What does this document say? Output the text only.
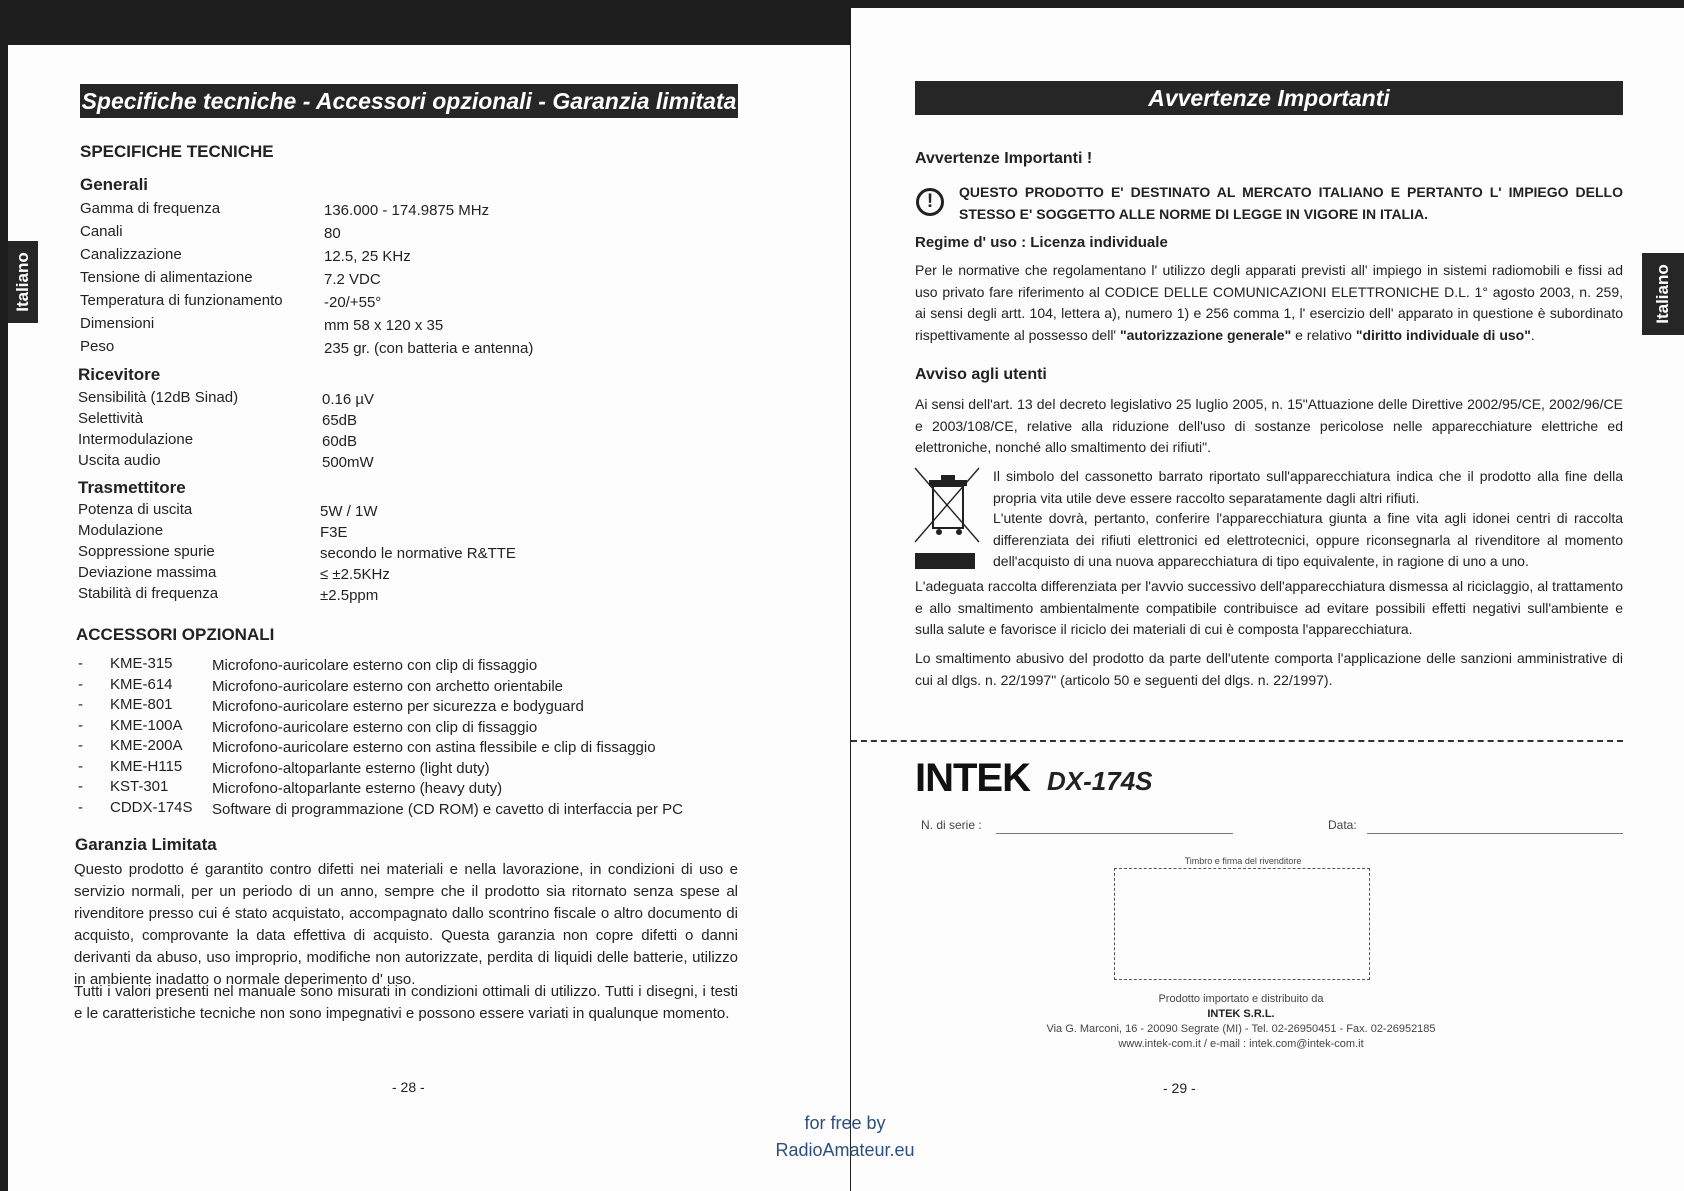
Specifiche tecniche - Accessori opzionali - Garanzia limitata
Italiano
SPECIFICHE TECNICHE
Generali
Gamma di frequenza	136.000 - 174.9875 MHz
Canali	80
Canalizzazione	12.5, 25 KHz
Tensione di alimentazione	7.2 VDC
Temperatura di funzionamento	-20/+55°
Dimensioni	mm 58 x 120 x 35
Peso	235 gr. (con batteria e antenna)
Ricevitore
Sensibilità (12dB Sinad)	0.16 µV
Selettività	65dB
Intermodulazione	60dB
Uscita audio	500mW
Trasmettitore
Potenza di uscita	5W / 1W
Modulazione	F3E
Soppressione spurie	secondo le normative R&TTE
Deviazione massima	≤ ±2.5KHz
Stabilità di frequenza	±2.5ppm
ACCESSORI OPZIONALI
- KME-315	Microfono-auricolare esterno con clip di fissaggio
- KME-614	Microfono-auricolare esterno con archetto orientabile
- KME-801	Microfono-auricolare esterno per sicurezza e bodyguard
- KME-100A Microfono-auricolare esterno con clip di fissaggio
- KME-200A Microfono-auricolare esterno con astina flessibile e clip di fissaggio
- KME-H115 Microfono-altoparlante esterno (light duty)
- KST-301	Microfono-altoparlante esterno (heavy duty)
- CDDX-174S Software di programmazione (CD ROM) e cavetto di interfaccia per PC
Garanzia Limitata
Questo prodotto é garantito contro difetti nei materiali e nella lavorazione, in condizioni di uso e servizio normali, per un periodo di un anno, sempre che il prodotto sia ritornato senza spese al rivenditore presso cui é stato acquistato, accompagnato dallo scontrino fiscale o altro documento di acquisto, comprovante la data effettiva di acquisto. Questa garanzia non copre difetti o danni derivanti da abuso, uso improprio, modifiche non autorizzate, perdita di liquidi delle batterie, utilizzo in ambiente inadatto o normale deperimento d' uso.
Tutti i valori presenti nel manuale sono misurati in condizioni ottimali di utilizzo. Tutti i disegni, i testi e le caratteristiche tecniche non sono impegnativi e possono essere variati in qualunque momento.
- 28 -
Avvertenze Importanti
Italiano
Avvertenze Importanti !
!	QUESTO PRODOTTO E' DESTINATO AL MERCATO ITALIANO E PERTANTO L' IMPIEGO DELLO STESSO E' SOGGETTO ALLE NORME DI LEGGE IN VIGORE IN ITALIA.
Regime d' uso : Licenza individuale
Per le normative che regolamentano l' utilizzo degli apparati previsti all' impiego in sistemi radiomobili e fissi ad uso privato fare riferimento al CODICE DELLE COMUNICAZIONI ELETTRONICHE D.L. 1° agosto 2003, n. 259, ai sensi degli artt. 104, lettera a), numero 1) e 256 comma 1, l' esercizio dell' apparato in questione è subordinato rispettivamente al possesso dell' "autorizzazione generale" e relativo "diritto individuale di uso".
Avviso agli utenti
Ai sensi dell'art. 13 del decreto legislativo 25 luglio 2005, n. 15"Attuazione delle Direttive 2002/95/CE, 2002/96/CE e 2003/108/CE, relative alla riduzione dell'uso di sostanze pericolose nelle apparecchiature elettriche ed elettroniche, nonché allo smaltimento dei rifiuti".
Il simbolo del cassonetto barrato riportato sull'apparecchiatura indica che il prodotto alla fine della propria vita utile deve essere raccolto separatamente dagli altri rifiuti.
L'utente dovrà, pertanto, conferire l'apparecchiatura giunta a fine vita agli idonei centri di raccolta differenziata dei rifiuti elettronici ed elettrotecnici, oppure riconsegnarla al rivenditore al momento dell'acquisto di una nuova apparecchiatura di tipo equivalente, in ragione di uno a uno.
L'adeguata raccolta differenziata per l'avvio successivo dell'apparecchiatura dismessa al riciclaggio, al trattamento e allo smaltimento ambientalmente compatibile contribuisce ad evitare possibili effetti negativi sull'ambiente e sulla salute e favorisce il riciclo dei materiali di cui è composta l'apparecchiatura.
Lo smaltimento abusivo del prodotto da parte dell'utente comporta l'applicazione delle sanzioni amministrative di cui al dlgs. n. 22/1997" (articolo 50 e seguenti del dlgs. n. 22/1997).
INTEK DX-174S
N. di serie :	Data:
Timbro e firma del rivenditore
Prodotto importato e distribuito da
INTEK S.R.L.
Via G. Marconi, 16 - 20090 Segrate (MI) - Tel. 02-26950451 - Fax. 02-26952185
www.intek-com.it / e-mail : intek.com@intek-com.it
- 29 -
for free by
RadioAmateur.eu
